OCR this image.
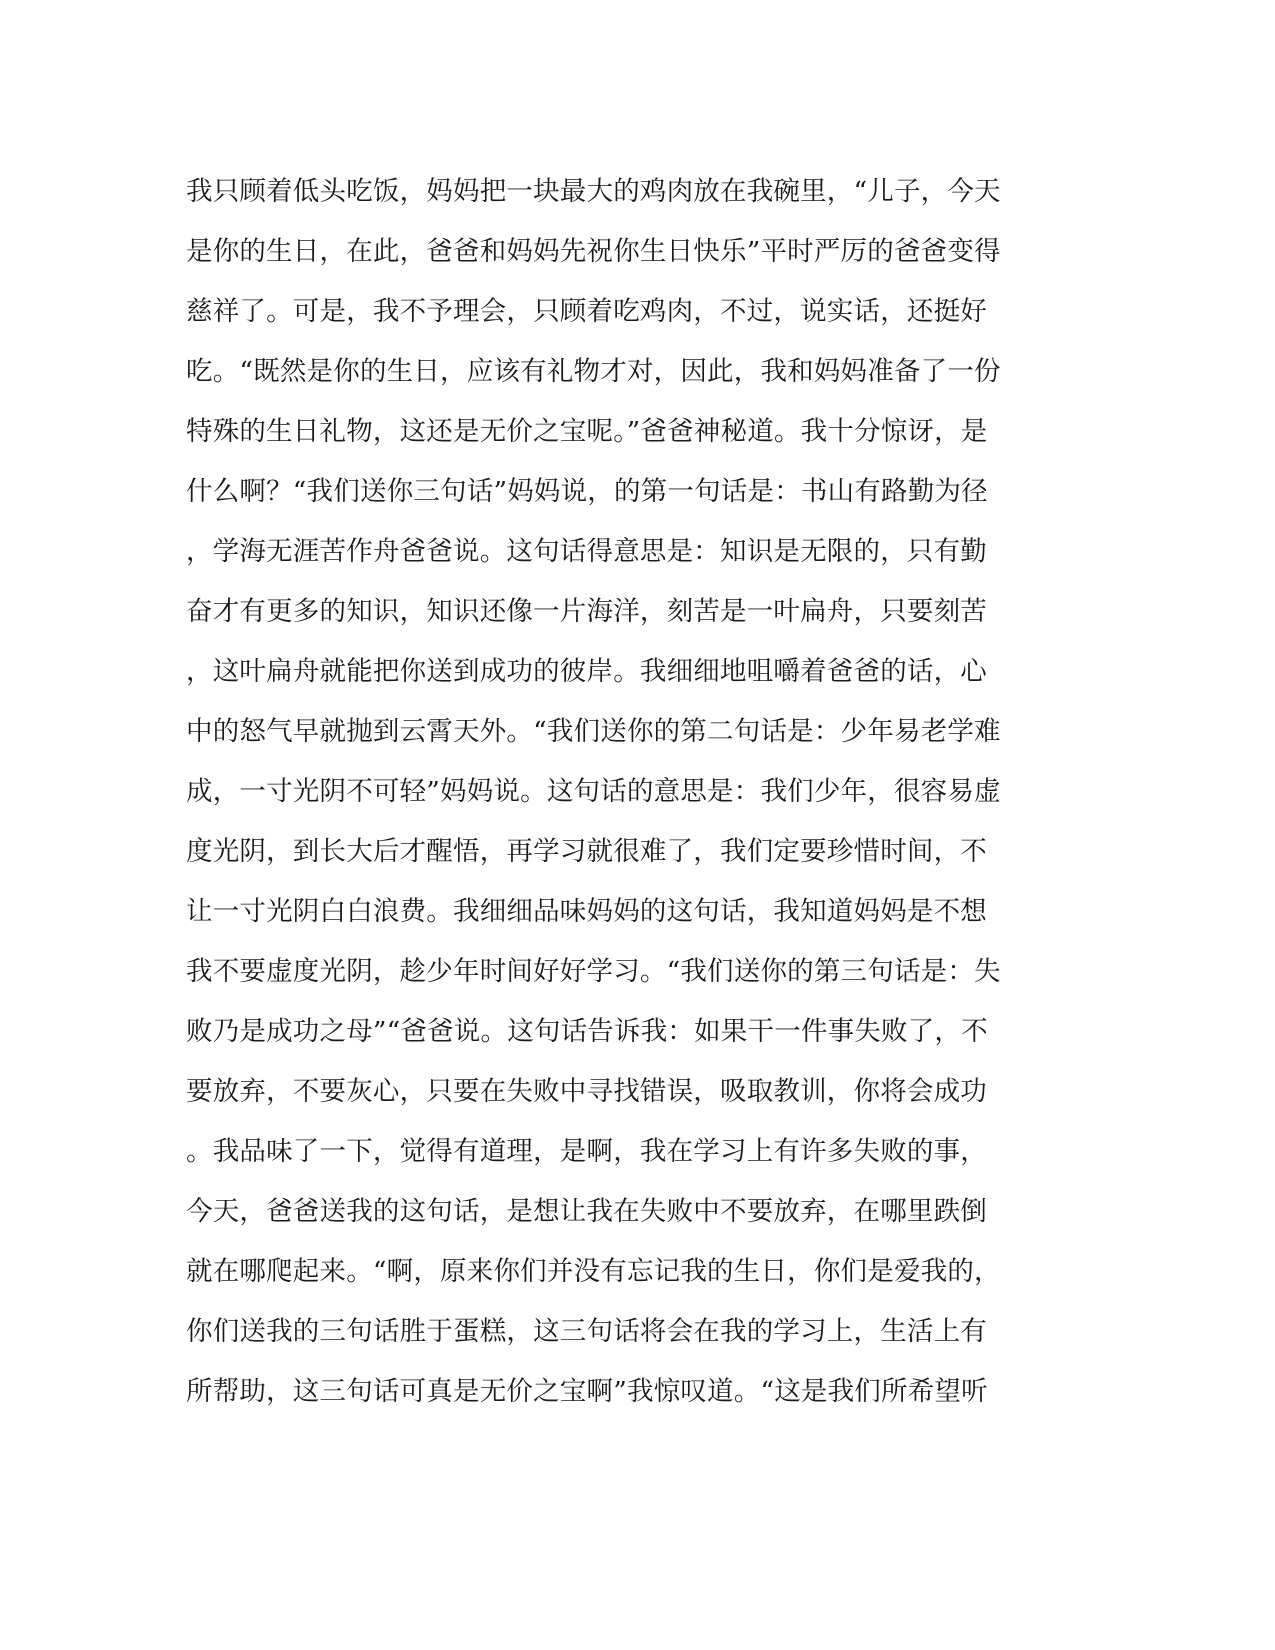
我只顾着低头吃饭，妈妈把一块最大的鸡肉放在我碗里，“儿子，今天
是你的生日，在此，爸爸和妈妈先祝你生日快乐”平时严厉的爸爸变得
慈祥了。可是，我不予理会，只顾着吃鸡肉，不过，说实话，还挺好
吃。“既然是你的生日，应该有礼物才对，因此，我和妈妈准备了一份
特殊的生日礼物，这还是无价之宝呢。”爸爸神秘道。我十分惊讶，是
什么啊？“我们送你三句话”妈妈说，的第一句话是：书山有路勤为径
，学海无涯苦作舟爸爸说。这句话得意思是：知识是无限的，只有勤
奋才有更多的知识，知识还像一片海洋，刻苦是一叶扁舟，只要刻苦
，这叶扁舟就能把你送到成功的彼岸。我细细地咀嚼着爸爸的话，心
中的怒气早就抛到云霄天外。“我们送你的第二句话是：少年易老学难
成，一寸光阴不可轻”妈妈说。这句话的意思是：我们少年，很容易虚
度光阴，到长大后才醒悟，再学习就很难了，我们定要珍惜时间，不
让一寸光阴白白浪费。我细细品味妈妈的这句话，我知道妈妈是不想
我不要虚度光阴，趁少年时间好好学习。“我们送你的第三句话是：失
败乃是成功之母”“爸爸说。这句话告诉我：如果干一件事失败了，不
要放弃，不要灰心，只要在失败中寻找错误，吸取教训，你将会成功
。我品味了一下，觉得有道理，是啊，我在学习上有许多失败的事，
今天，爸爸送我的这句话，是想让我在失败中不要放弃，在哪里跌倒
就在哪爬起来。“啊，原来你们并没有忘记我的生日，你们是爱我的，
你们送我的三句话胜于蛋糕，这三句话将会在我的学习上，生活上有
所帮助，这三句话可真是无价之宝啊”我惊叹道。“这是我们所希望听
